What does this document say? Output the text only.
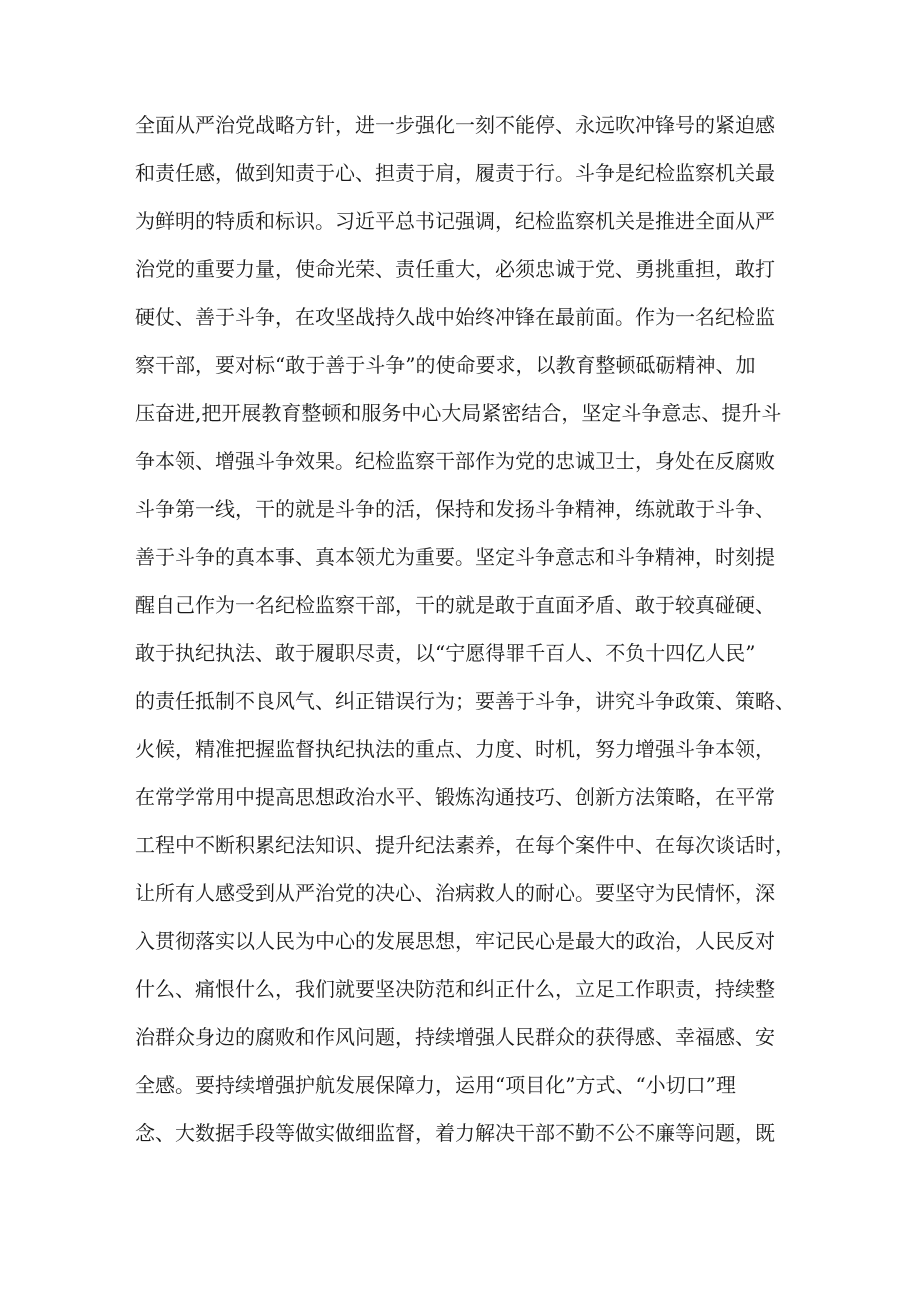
全面从严治党战略方针，进一步强化一刻不能停、永远吹冲锋号的紧迫感
和责任感，做到知责于心、担责于肩，履责于行。斗争是纪检监察机关最
为鲜明的特质和标识。习近平总书记强调，纪检监察机关是推进全面从严
治党的重要力量，使命光荣、责任重大，必须忠诚于党、勇挑重担，敢打
硬仗、善于斗争，在攻坚战持久战中始终冲锋在最前面。作为一名纪检监
察干部，要对标“敢于善于斗争”的使命要求，以教育整顿砥砺精神、加
压奋进,把开展教育整顿和服务中心大局紧密结合，坚定斗争意志、提升斗
争本领、增强斗争效果。纪检监察干部作为党的忠诚卫士，身处在反腐败
斗争第一线，干的就是斗争的活，保持和发扬斗争精神，练就敢于斗争、
善于斗争的真本事、真本领尤为重要。坚定斗争意志和斗争精神，时刻提
醒自己作为一名纪检监察干部，干的就是敢于直面矛盾、敢于较真碰硬、
敢于执纪执法、敢于履职尽责，以“宁愿得罪千百人、不负十四亿人民”
的责任抵制不良风气、纠正错误行为；要善于斗争，讲究斗争政策、策略、
火候，精准把握监督执纪执法的重点、力度、时机，努力增强斗争本领，
在常学常用中提高思想政治水平、锻炼沟通技巧、创新方法策略，在平常
工程中不断积累纪法知识、提升纪法素养，在每个案件中、在每次谈话时，
让所有人感受到从严治党的决心、治病救人的耐心。要坚守为民情怀，深
入贯彻落实以人民为中心的发展思想，牢记民心是最大的政治，人民反对
什么、痛恨什么，我们就要坚决防范和纠正什么，立足工作职责，持续整
治群众身边的腐败和作风问题，持续增强人民群众的获得感、幸福感、安
全感。要持续增强护航发展保障力，运用“项目化”方式、“小切口”理
念、大数据手段等做实做细监督，着力解决干部不勤不公不廉等问题，既
